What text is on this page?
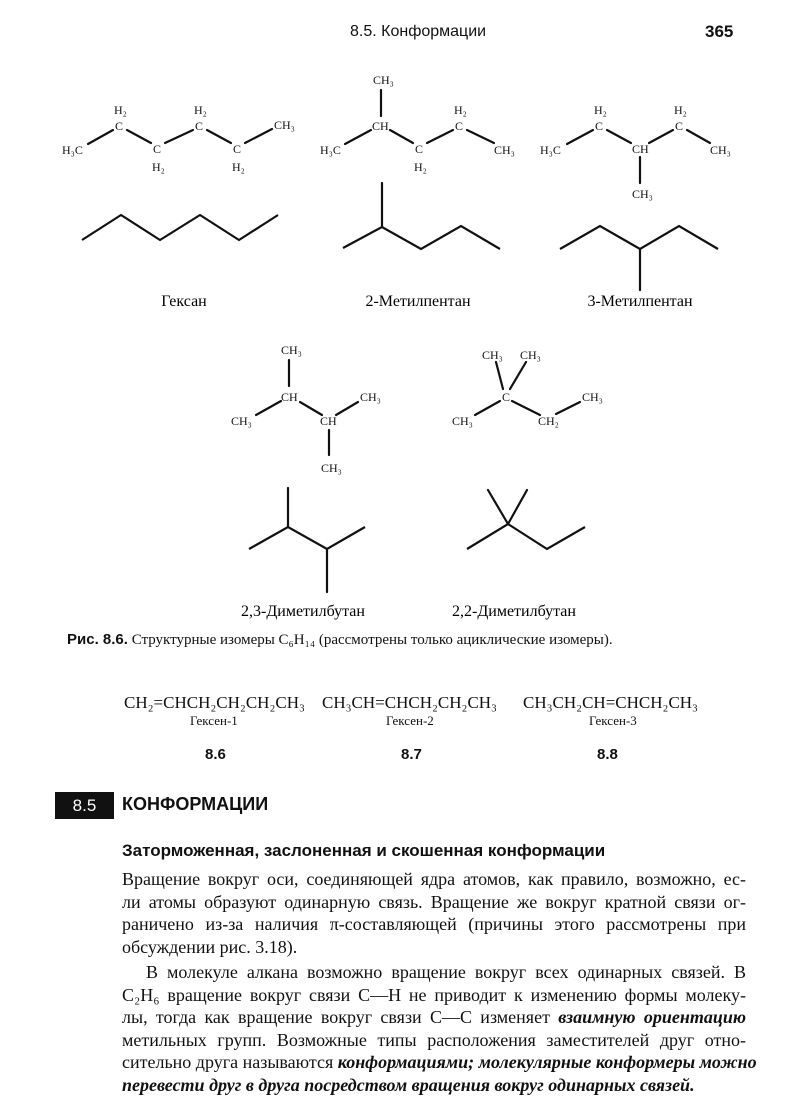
8.5. Конформации	365
H₃C
C
H₂
C
H₂
C
H₂
C
H₂
CH₃
CH₃
CH
H₃C	C
H₂
C
H₂
CH₃ H₃C
C
H₂
CH
C
H₂
CH₃
CH₃
CH₃
CH
CH₃	CH
CH₃
CH₃
CH₃ CH₃
C
CH₃	CH₂
CH₃
Гексан	2-Метилпентан	3-Метилпентан
2,3-Диметилбутан	2,2-Диметилбутан
Рис. 8.6. Структурные изомеры C₆H₁₄ (рассмотрены только ациклические изомеры).
CH₂=CHCH₂CH₂CH₂CH₃ CH₃CH=CHCH₂CH₂CH₃ CH₃CH₂CH=CHCH₂CH₃
Гексен-1	Гексен-2	Гексен-3
8.6	8.7	8.8
8.5	КОНФОРМАЦИИ
Заторможенная, заслоненная и скошенная конформации
Вращение вокруг оси, соединяющей ядра атомов, как правило, возможно, ес-
ли атомы образуют одинарную связь. Вращение же вокруг кратной связи ог-
раничено из-за наличия π-составляющей (причины этого рассмотрены при
обсуждении рис. 3.18).
В молекуле алкана возможно вращение вокруг всех одинарных связей. В
C₂H₆ вращение вокруг связи C—H не приводит к изменению формы молеку-
лы, тогда как вращение вокруг связи C—C изменяет взаимную ориентацию
метильных групп. Возможные типы расположения заместителей друг отно-
сительно друга называются конформациями; молекулярные конформеры можно
перевести друг в друга посредством вращения вокруг одинарных связей.
